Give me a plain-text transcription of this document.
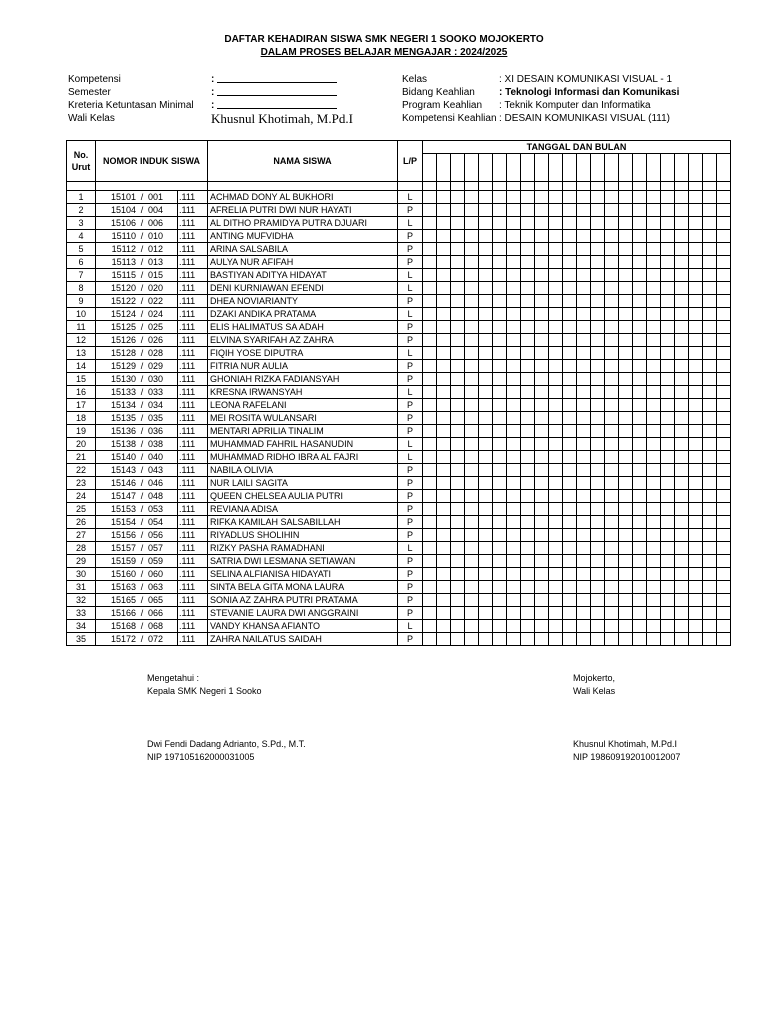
DAFTAR KEHADIRAN SISWA SMK NEGERI 1 SOOKO MOJOKERTO
DALAM PROSES BELAJAR MENGAJAR : 2024/2025
Kompetensi	:
Semester	:
Kreteria Ketuntasan Minimal	:
Wali Kelas	Khusnul Khotimah, M.Pd.I
Kelas	: XI DESAIN KOMUNIKASI VISUAL - 1
Bidang Keahlian	: Teknologi Informasi dan Komunikasi
Program Keahlian	: Teknik Komputer dan Informatika
Kompetensi Keahlian : DESAIN KOMUNIKASI VISUAL (111)
No.
Urut	NOMOR INDUK SISWA				NAMA SISWA	L/P	TANGGAL DAN BULAN																					

1	15101	/	001	.111	ACHMAD DONY AL BUKHORI	L																						
2	15104	/	004	.111	AFRELIA PUTRI DWI NUR HAYATI	P																						
3	15106	/	006	.111	AL DITHO PRAMIDYA PUTRA DJUARI	L																						
4	15110	/	010	.111	ANTING MUFVIDHA	P																						
5	15112	/	012	.111	ARINA SALSABILA	P																						
6	15113	/	013	.111	AULYA NUR AFIFAH	P																						
7	15115	/	015	.111	BASTIYAN ADITYA HIDAYAT	L																						
8	15120	/	020	.111	DENI KURNIAWAN EFENDI	L																						
9	15122	/	022	.111	DHEA NOVIARIANTY	P																						
10	15124	/	024	.111	DZAKI ANDIKA PRATAMA	L																						
11	15125	/	025	.111	ELIS HALIMATUS SA ADAH	P																						
12	15126	/	026	.111	ELVINA SYARIFAH AZ ZAHRA	P																						
13	15128	/	028	.111	FIQIH YOSE DIPUTRA	L																						
14	15129	/	029	.111	FITRIA NUR AULIA	P																						
15	15130	/	030	.111	GHONIAH RIZKA FADIANSYAH	P																						
16	15133	/	033	.111	KRESNA IRWANSYAH	L																						
17	15134	/	034	.111	LEONA RAFELANI	P																						
18	15135	/	035	.111	MEI ROSITA WULANSARI	P																						
19	15136	/	036	.111	MENTARI APRILIA TINALIM	P																						
20	15138	/	038	.111	MUHAMMAD FAHRIL HASANUDIN	L																						
21	15140	/	040	.111	MUHAMMAD RIDHO IBRA AL FAJRI	L																						
22	15143	/	043	.111	NABILA OLIVIA	P																						
23	15146	/	046	.111	NUR LAILI SAGITA	P																						
24	15147	/	048	.111	QUEEN CHELSEA AULIA PUTRI	P																						
25	15153	/	053	.111	REVIANA ADISA	P																						
26	15154	/	054	.111	RIFKA KAMILAH SALSABILLAH	P																						
27	15156	/	056	.111	RIYADLUS SHOLIHIN	P																						
28	15157	/	057	.111	RIZKY PASHA RAMADHANI	L																						
29	15159	/	059	.111	SATRIA DWI LESMANA SETIAWAN	P																						
30	15160	/	060	.111	SELINA ALFIANISA HIDAYATI	P																						
31	15163	/	063	.111	SINTA BELA GITA MONA LAURA	P																						
32	15165	/	065	.111	SONIA AZ ZAHRA PUTRI PRATAMA	P																						
33	15166	/	066	.111	STEVANIE LAURA DWI ANGGRAINI	P																						
34	15168	/	068	.111	VANDY KHANSA AFIANTO	L																						
35	15172	/	072	.111	ZAHRA NAILATUS SAIDAH	P																						
Mengetahui :
Kepala SMK Negeri 1 Sooko
Mojokerto,
Wali Kelas
Dwi Fendi Dadang Adrianto, S.Pd., M.T.
NIP 197105162000031005
Khusnul Khotimah, M.Pd.I
NIP 198609192010012007
